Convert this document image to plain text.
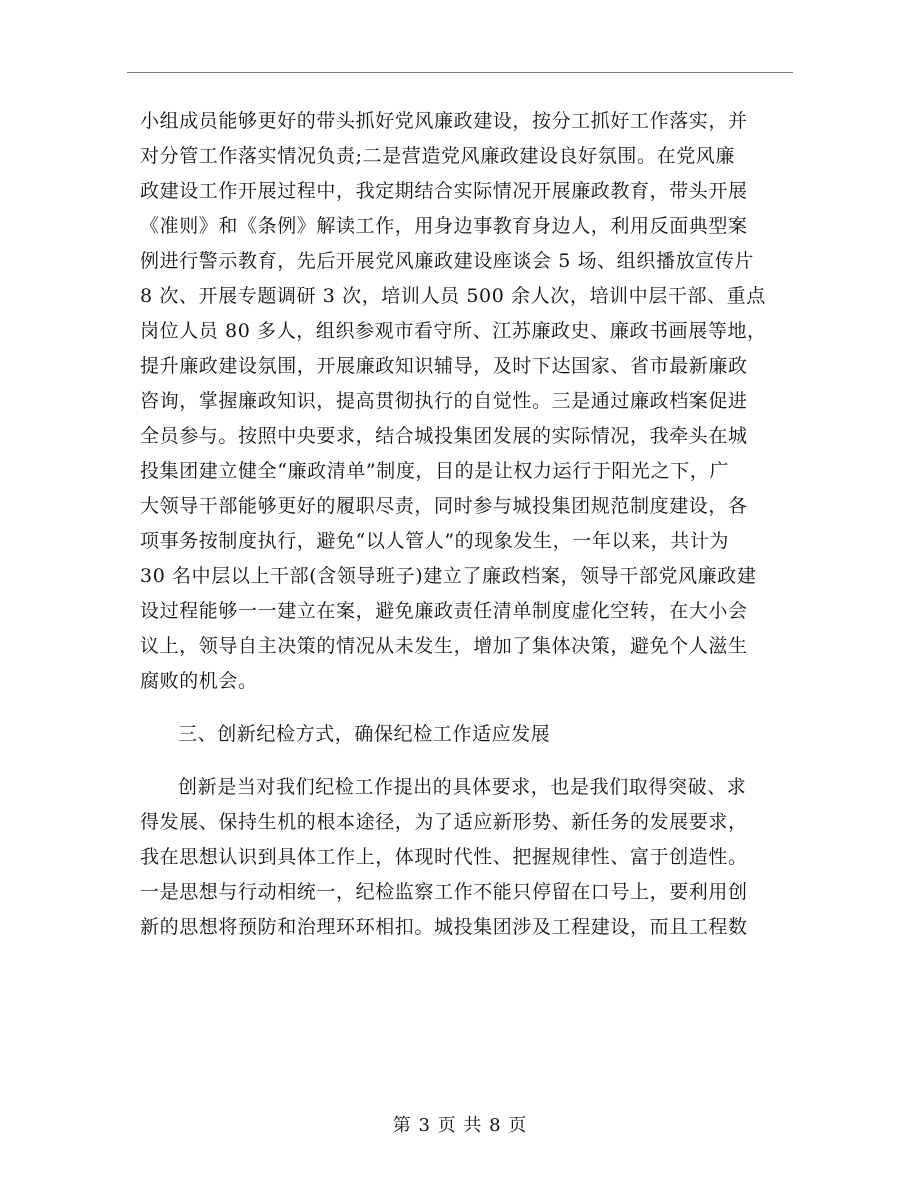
小组成员能够更好的带头抓好党风廉政建设，按分工抓好工作落实，并
对分管工作落实情况负责;二是营造党风廉政建设良好氛围。在党风廉
政建设工作开展过程中，我定期结合实际情况开展廉政教育，带头开展
《准则》和《条例》解读工作，用身边事教育身边人，利用反面典型案
例进行警示教育，先后开展党风廉政建设座谈会 5 场、组织播放宣传片
8 次、开展专题调研 3 次，培训人员 500 余人次，培训中层干部、重点
岗位人员 80 多人，组织参观市看守所、江苏廉政史、廉政书画展等地，
提升廉政建设氛围，开展廉政知识辅导，及时下达国家、省市最新廉政
咨询，掌握廉政知识，提高贯彻执行的自觉性。三是通过廉政档案促进
全员参与。按照中央要求，结合城投集团发展的实际情况，我牵头在城
投集团建立健全“廉政清单”制度，目的是让权力运行于阳光之下，广
大领导干部能够更好的履职尽责，同时参与城投集团规范制度建设，各
项事务按制度执行，避免“以人管人”的现象发生，一年以来，共计为
30 名中层以上干部(含领导班子)建立了廉政档案，领导干部党风廉政建
设过程能够一一建立在案，避免廉政责任清单制度虚化空转，在大小会
议上，领导自主决策的情况从未发生，增加了集体决策，避免个人滋生
腐败的机会。
三、创新纪检方式，确保纪检工作适应发展
创新是当对我们纪检工作提出的具体要求，也是我们取得突破、求
得发展、保持生机的根本途径，为了适应新形势、新任务的发展要求，
我在思想认识到具体工作上，体现时代性、把握规律性、富于创造性。
一是思想与行动相统一，纪检监察工作不能只停留在口号上，要利用创
新的思想将预防和治理环环相扣。城投集团涉及工程建设，而且工程数
第 3 页 共 8 页
